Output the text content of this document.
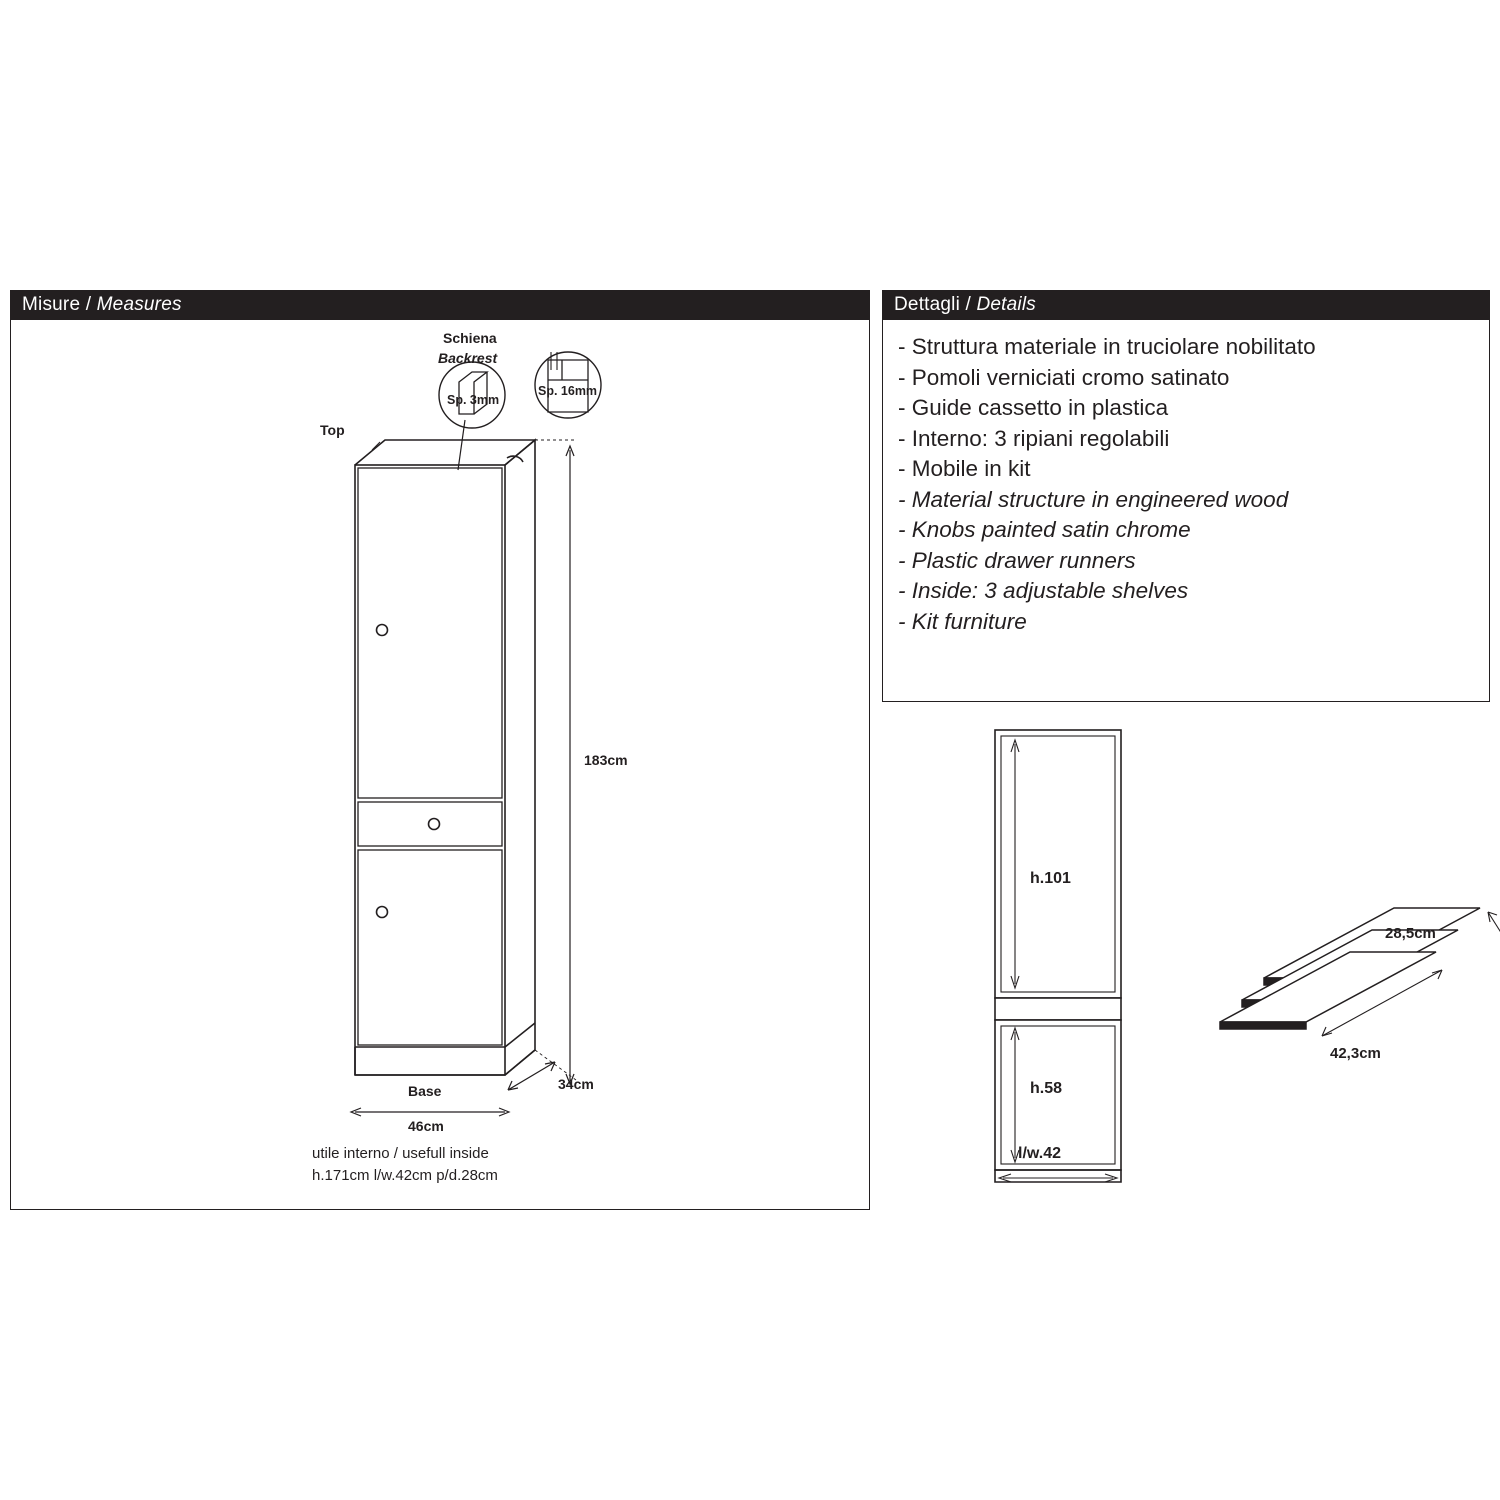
Misure / Measures	Dettagli / Details
- Struttura materiale in truciolare nobilitato
- Pomoli verniciati cromo satinato
- Guide cassetto in plastica
- Interno: 3 ripiani regolabili
- Mobile in kit
- Material structure in engineered wood
- Knobs painted satin chrome
- Plastic drawer runners
- Inside: 3 adjustable shelves
- Kit furniture
Schiena
Backrest
Sp. 3mm
Sp. 16mm
Top
183cm
34cm
Base
46cm
utile interno / usefull inside
h.171cm l/w.42cm p/d.28cm
h.101
h.58
l/w.42
28,5cm
42,3cm
